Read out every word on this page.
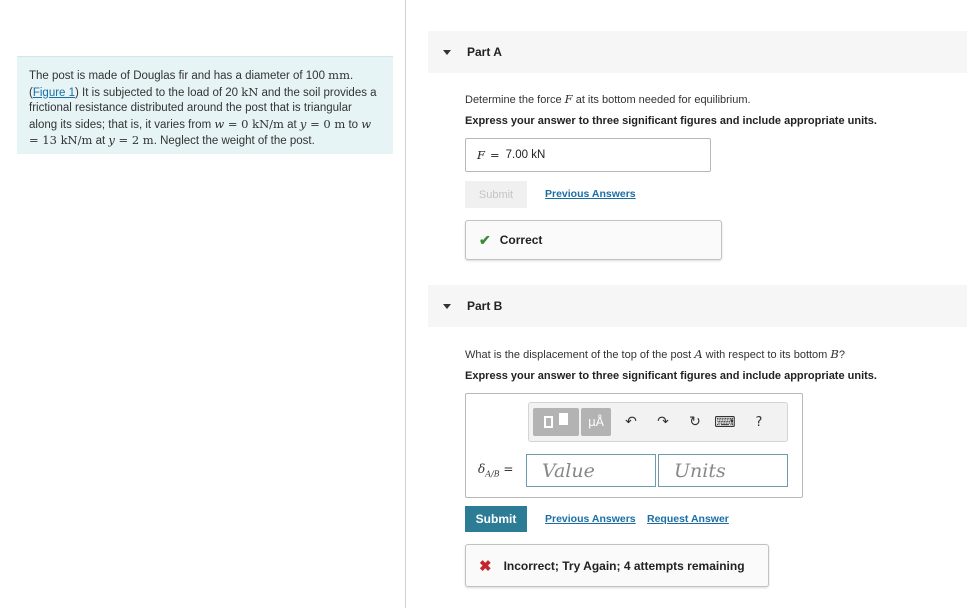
The post is made of Douglas fir and has a diameter of 100 mm. (Figure 1) It is subjected to the load of 20 kN and the soil provides a frictional resistance distributed around the post that is triangular along its sides; that is, it varies from w = 0 kN/m at y = 0 m to w = 13 kN/m at y = 2 m. Neglect the weight of the post.
Part A
Determine the force F at its bottom needed for equilibrium.
Express your answer to three significant figures and include appropriate units.
F = 7.00 kN
Submit	Previous Answers
✔ Correct
Part B
What is the displacement of the top of the post A with respect to its bottom B?
Express your answer to three significant figures and include appropriate units.
μÅ	↶	↷	↻ ⌨	?
$\delta_{A/B}$ =	Value	Units
Submit	Previous Answers Request Answer
✖ Incorrect; Try Again; 4 attempts remaining
